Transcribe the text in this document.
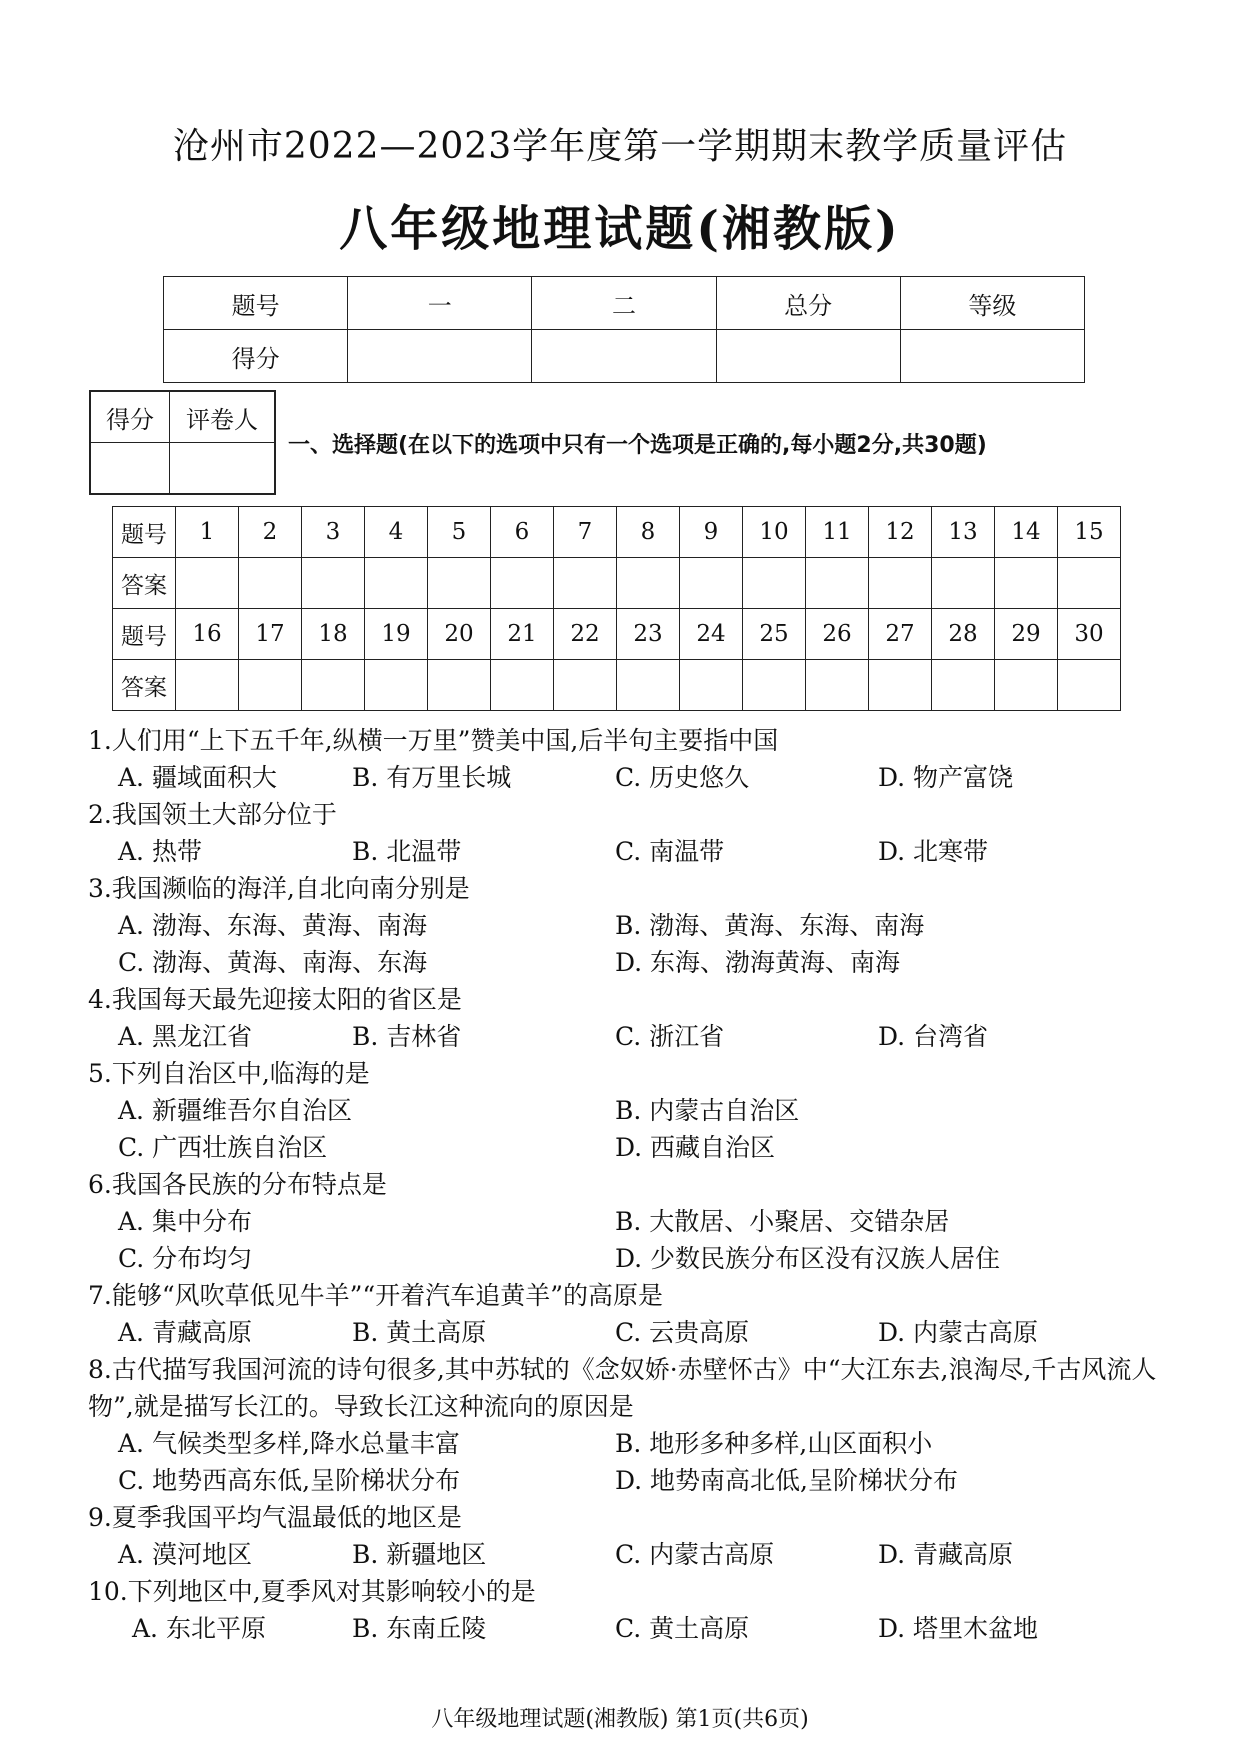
沧州市2022—2023学年度第一学期期末教学质量评估
八年级地理试题(湘教版)
题号	一	二	总分	等级
得分				
得分	评卷人

一、选择题(在以下的选项中只有一个选项是正确的,每小题2分,共30题)
题号	1	2	3	4	5	6	7	8	9	10	11	12	13	14	15
答案															
题号	16	17	18	19	20	21	22	23	24	25	26	27	28	29	30
答案															
1.人们用“上下五千年,纵横一万里”赞美中国,后半句主要指中国
A. 疆域面积大	B. 有万里长城	C. 历史悠久	D. 物产富饶
2.我国领土大部分位于
A. 热带	B. 北温带	C. 南温带	D. 北寒带
3.我国濒临的海洋,自北向南分别是
A. 渤海、东海、黄海、南海	B. 渤海、黄海、东海、南海
C. 渤海、黄海、南海、东海	D. 东海、渤海黄海、南海
4.我国每天最先迎接太阳的省区是
A. 黑龙江省	B. 吉林省	C. 浙江省	D. 台湾省
5.下列自治区中,临海的是
A. 新疆维吾尔自治区	B. 内蒙古自治区
C. 广西壮族自治区	D. 西藏自治区
6.我国各民族的分布特点是
A. 集中分布	B. 大散居、小聚居、交错杂居
C. 分布均匀	D. 少数民族分布区没有汉族人居住
7.能够“风吹草低见牛羊”“开着汽车追黄羊”的高原是
A. 青藏高原	B. 黄土高原	C. 云贵高原	D. 内蒙古高原
8.古代描写我国河流的诗句很多,其中苏轼的《念奴娇·赤壁怀古》中“大江东去,浪淘尽,千古风流人物”,就是描写长江的。导致长江这种流向的原因是
A. 气候类型多样,降水总量丰富	B. 地形多种多样,山区面积小
C. 地势西高东低,呈阶梯状分布	D. 地势南高北低,呈阶梯状分布
9.夏季我国平均气温最低的地区是
A. 漠河地区	B. 新疆地区	C. 内蒙古高原	D. 青藏高原
10.下列地区中,夏季风对其影响较小的是
A. 东北平原	B. 东南丘陵	C. 黄土高原	D. 塔里木盆地
八年级地理试题(湘教版) 第1页(共6页)
